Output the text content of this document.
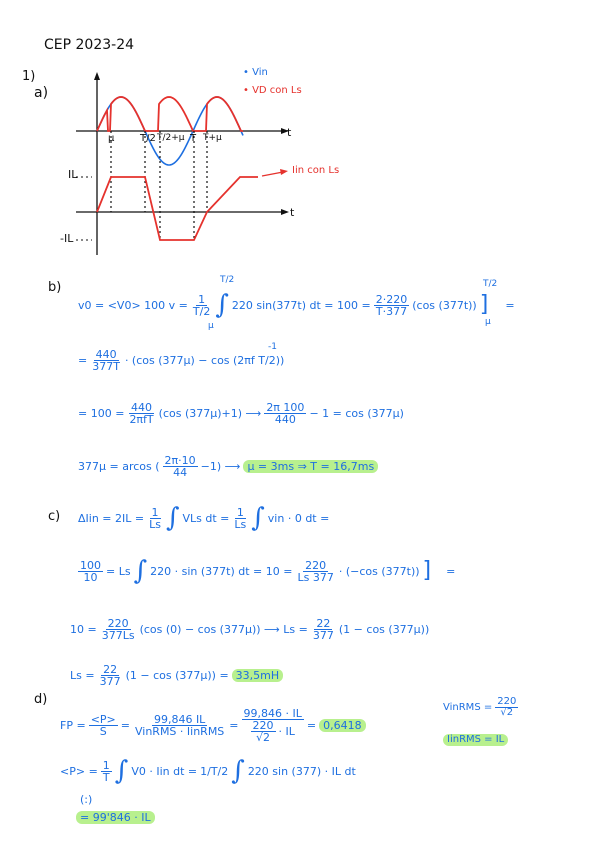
CEP 2023-24
1)
a)
• Vin
• VD con Ls
μ	T/2 T/2+μ T T+μ	t
t
IL
-IL
Iin con Ls
b)
v0 = <V0> 100 $v = \frac{1}{T/2}$ ∫ 220 sin(377t) dt = $100 = \frac{2\cdot 220}{T\cdot 377} (\cos$ (377t)) ] =
T/2
μ
T/2
μ
= $\frac{440}{377T} \cdot (\cos$ (377μ) − cos (2πf T/2))
-1
= $100 = \frac{440}{\text{2πfT}} (\cos$ (377μ)+1) ⟶ $\frac{2\pi 100}{440} - 1 = \cos (377\mu)$
377μ = arcos ( $\frac{2\pi\cdot 10}{44} -1$) ⟶ μ = 3ms ⇒ T = 16,7ms
c) $\Delta Iin = 2IL = \frac{1}{Ls}$ ∫ VLs dt = $\frac{1}{Ls}$ ∫ vin · 0 dt =
$\frac{100}{10} = Ls$ ∫ 220 · sin (377t) dt = $10 = \frac{220}{Ls 377} \cdot (-\cos$ (377t)) ] =
$10 = \frac{220}{377Ls} (\cos$ (0) − cos (377μ)) ⟶ $Ls = \frac{22}{377} (1 - \cos (377\mu))$
$Ls = \frac{22}{377} (1 - \cos (377\mu)) = 33,5mH$
d)
FP = $\frac{<P>}{S} = \frac{99,846 IL}{\text{VinRMS · IinRMS}} = \frac{99,846 \cdot IL}{\frac{220}{√2} \cdot IL} = 0,6418$
VinRMS = $\frac{220}{√2}$
IinRMS = IL
$<P> = \frac{1}{T}$ ∫ V0 · Iin dt = 1/T/2 ∫ 220 sin (377) · IL dt
(:)
= 99'846 · IL
